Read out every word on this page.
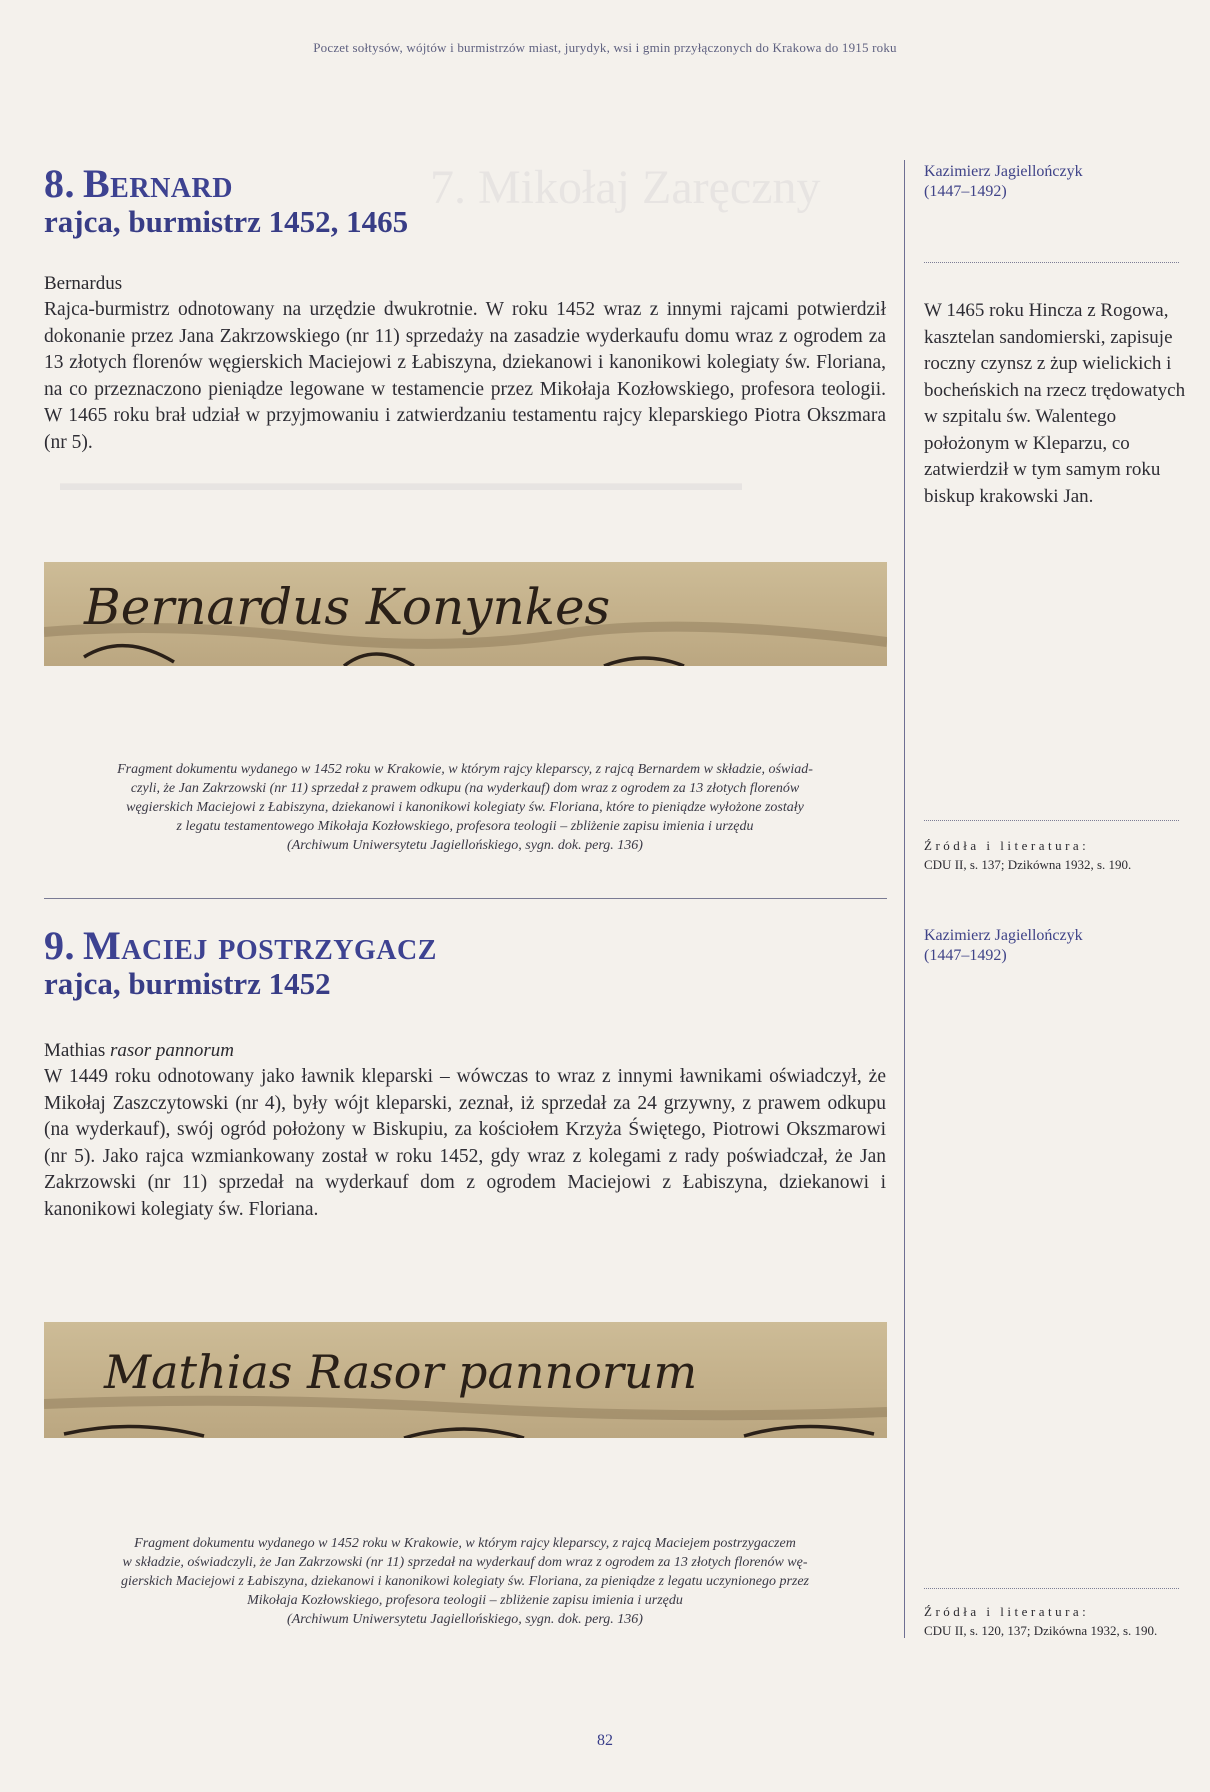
Poczet sołtysów, wójtów i burmistrzów miast, jurydyk, wsi i gmin przyłączonych do Krakowa do 1915 roku
7. Mikołaj Zaręczny
▬▬▬▬▬▬▬▬▬▬▬▬▬▬▬▬▬▬▬▬▬▬▬▬▬▬▬▬▬▬▬
8. Bernard
rajca, burmistrz 1452, 1465
Bernardus

Rajca-burmistrz odnotowany na urzędzie dwukrotnie. W roku 1452 wraz z innymi rajcami potwierdził dokonanie przez Jana Zakrzowskiego (nr 11) sprzedaży na zasadzie wyderkaufu domu wraz z ogrodem za 13 złotych florenów węgierskich Maciejowi z Łabiszyna, dziekanowi i kanonikowi kolegiaty św. Floriana, na co przeznaczono pieniądze legowane w testamencie przez Mikołaja Kozłowskiego, profesora teologii. W 1465 roku brał udział w przyjmowaniu i zatwierdzaniu testamentu rajcy kleparskiego Piotra Okszmara (nr 5).

Bernardus Konynkes

Fragment dokumentu wydanego w 1452 roku w Krakowie, w którym rajcy kleparscy, z rajcą Bernardem w składzie, oświad-
czyli, że Jan Zakrzowski (nr 11) sprzedał z prawem odkupu (na wyderkauf) dom wraz z ogrodem za 13 złotych florenów
węgierskich Maciejowi z Łabiszyna, dziekanowi i kanonikowi kolegiaty św. Floriana, które to pieniądze wyłożone zostały
z legatu testamentowego Mikołaja Kozłowskiego, profesora teologii – zbliżenie zapisu imienia i urzędu
(Archiwum Uniwersytetu Jagiellońskiego, sygn. dok. perg. 136)

Kazimierz Jagiellończyk
(1447–1492)

W 1465 roku Hincza z Rogowa, kasztelan sandomierski, zapisuje roczny czynsz z żup wielickich i bocheńskich na rzecz trędowatych w szpitalu św. Walentego położonym w Kleparzu, co zatwierdził w tym samym roku biskup krakowski Jan.

Źródła i literatura:
CDU II, s. 137; Dzikówna 1932, s. 190.
9. Maciej postrzygacz
rajca, burmistrz 1452
Mathias rasor pannorum

W 1449 roku odnotowany jako ławnik kleparski – wówczas to wraz z innymi ławnikami oświadczył, że Mikołaj Zaszczytowski (nr 4), były wójt kleparski, zeznał, iż sprzedał za 24 grzywny, z prawem odkupu (na wyderkauf), swój ogród położony w Biskupiu, za kościołem Krzyża Świętego, Piotrowi Okszmarowi (nr 5). Jako rajca wzmiankowany został w roku 1452, gdy wraz z kolegami z rady poświadczał, że Jan Zakrzowski (nr 11) sprzedał na wyderkauf dom z ogrodem Maciejowi z Łabiszyna, dziekanowi i kanonikowi kolegiaty św. Floriana.

Mathias Rasor pannorum

Fragment dokumentu wydanego w 1452 roku w Krakowie, w którym rajcy kleparscy, z rajcą Maciejem postrzygaczem
w składzie, oświadczyli, że Jan Zakrzowski (nr 11) sprzedał na wyderkauf dom wraz z ogrodem za 13 złotych florenów wę-
gierskich Maciejowi z Łabiszyna, dziekanowi i kanonikowi kolegiaty św. Floriana, za pieniądze z legatu uczynionego przez
Mikołaja Kozłowskiego, profesora teologii – zbliżenie zapisu imienia i urzędu
(Archiwum Uniwersytetu Jagiellońskiego, sygn. dok. perg. 136)

Kazimierz Jagiellończyk
(1447–1492)
Źródła i literatura:
CDU II, s. 120, 137; Dzikówna 1932, s. 190.
82
